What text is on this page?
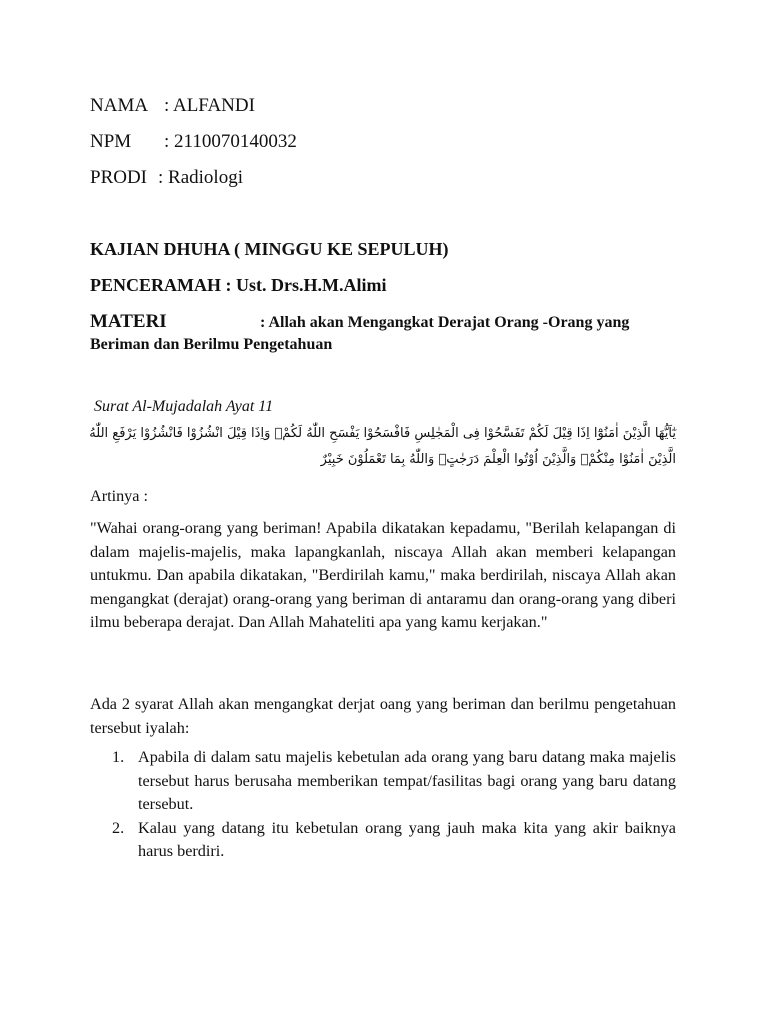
NAMA : ALFANDI
NPM : 2110070140032
PRODI : Radiologi
KAJIAN DHUHA ( MINGGU KE SEPULUH)
PENCERAMAH : Ust. Drs.H.M.Alimi
MATERI	: Allah akan Mengangkat Derajat Orang -Orang yang
Beriman dan Berilmu Pengetahuan
Surat Al-Mujadalah Ayat 11
يٰٓاَيُّهَا الَّذِيْنَ اٰمَنُوْٓا اِذَا قِيْلَ لَكُمْ تَفَسَّحُوْا فِى الْمَجٰلِسِ فَافْسَحُوْا يَفْسَحِ اللّٰهُ لَكُمْۚ وَاِذَا قِيْلَ انْشُزُوْا فَانْشُزُوْا يَرْفَعِ اللّٰهُ
الَّذِيْنَ اٰمَنُوْا مِنْكُمْۙ وَالَّذِيْنَ اُوْتُوا الْعِلْمَ دَرَجٰتٍۗ وَاللّٰهُ بِمَا تَعْمَلُوْنَ خَبِيْرٌ
Artinya :
"Wahai orang-orang yang beriman! Apabila dikatakan kepadamu, "Berilah kelapangan di dalam majelis-majelis, maka lapangkanlah, niscaya Allah akan memberi kelapangan untukmu. Dan apabila dikatakan, "Berdirilah kamu," maka berdirilah, niscaya Allah akan mengangkat (derajat) orang-orang yang beriman di antaramu dan orang-orang yang diberi ilmu beberapa derajat. Dan Allah Mahateliti apa yang kamu kerjakan."
Ada 2 syarat Allah akan mengangkat derjat oang yang beriman dan berilmu pengetahuan tersebut iyalah:
1. Apabila di dalam satu majelis kebetulan ada orang yang baru datang maka majelis tersebut harus berusaha memberikan tempat/fasilitas bagi orang yang baru datang tersebut.
2. Kalau yang datang itu kebetulan orang yang jauh maka kita yang akir baiknya harus berdiri.
